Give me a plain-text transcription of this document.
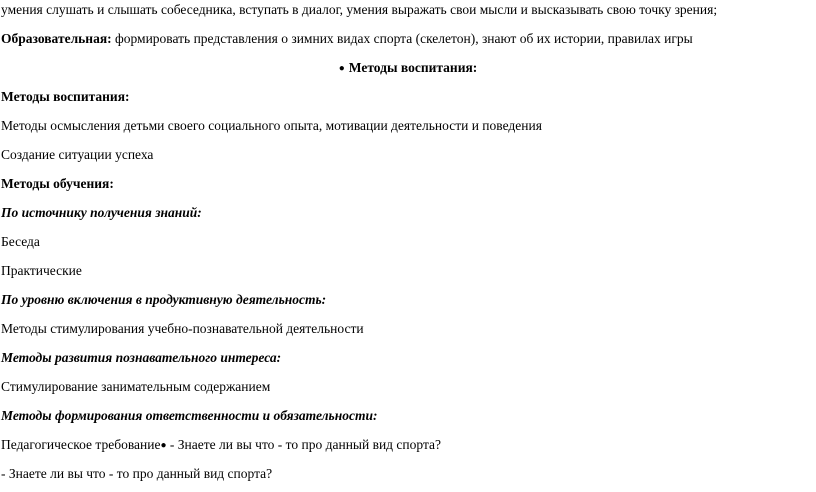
умения слушать и слышать собеседника, вступать в диалог, умения выражать свои мысли и высказывать свою точку зрения;
Образовательная: формировать представления о зимних видах спорта (скелетон), знают об их истории, правилах игры
● Методы воспитания:
Методы воспитания:
Методы осмысления детьми своего социального опыта, мотивации деятельности и поведения
Создание ситуации успеха
Методы обучения:
По источнику получения знаний:
Беседа
Практические
По уровню включения в продуктивную деятельность:
Методы стимулирования учебно-познавательной деятельности
Методы развития познавательного интереса:
Стимулирование занимательным содержанием
Методы формирования ответственности и обязательности:
Педагогическое требование● - Знаете ли вы что - то про данный вид спорта?
- Знаете ли вы что - то про данный вид спорта?
